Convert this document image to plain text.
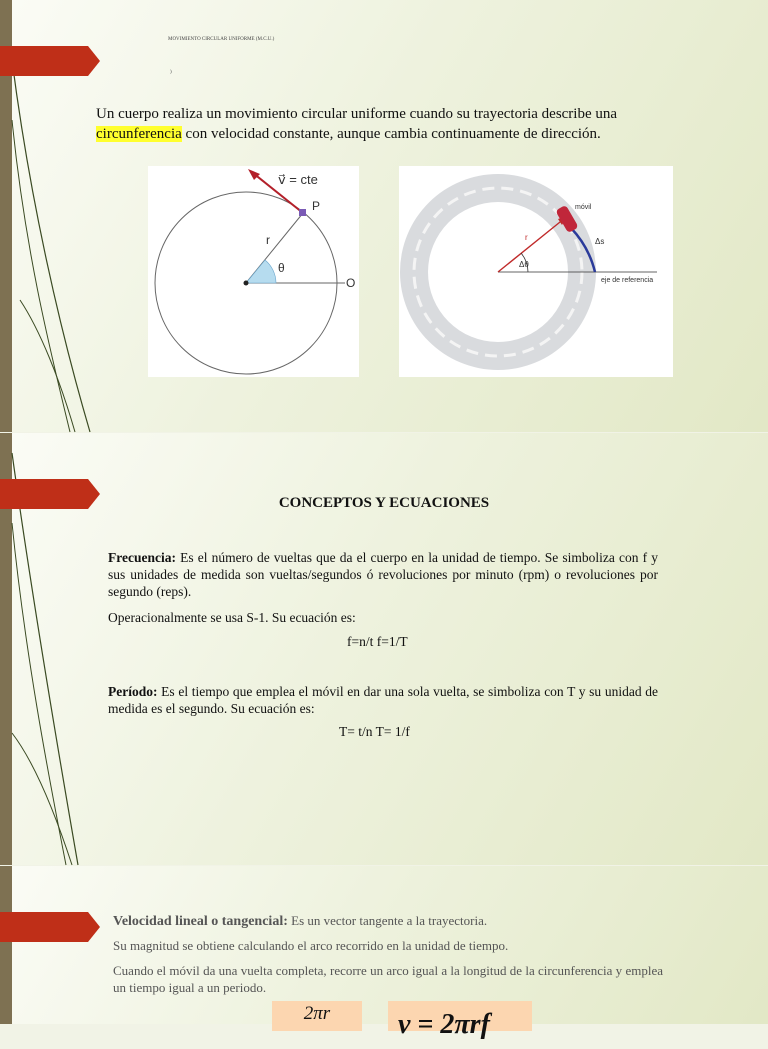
MOVIMIENTO CIRCULAR UNIFORME (M.C.U.)
)
Un cuerpo realiza un movimiento circular uniforme cuando su trayectoria describe una
circunferencia con velocidad constante, aunque cambia continuamente de dirección.
v⃗ = cte
P
r
θ
O
móvil
Δs
r
Δθ
eje de referencia
CONCEPTOS Y ECUACIONES
Frecuencia: Es el número de vueltas que da el cuerpo en la unidad de tiempo. Se simboliza con f y sus unidades de medida son vueltas/segundos ó revoluciones por minuto (rpm) o revoluciones por segundo (reps).
Operacionalmente se usa S-1. Su ecuación es:
f=n/t f=1/T
Período: Es el tiempo que emplea el móvil en dar una sola vuelta, se simboliza con T y su unidad de medida es el segundo. Su ecuación es:
T= t/n T= 1/f
Velocidad lineal o tangencial: Es un vector tangente a la trayectoria.
Su magnitud se obtiene calculando el arco recorrido en la unidad de tiempo.
Cuando el móvil da una vuelta completa, recorre un arco igual a la longitud de la circunferencia y emplea un tiempo igual a un periodo.
2πr	v = 2πrf
